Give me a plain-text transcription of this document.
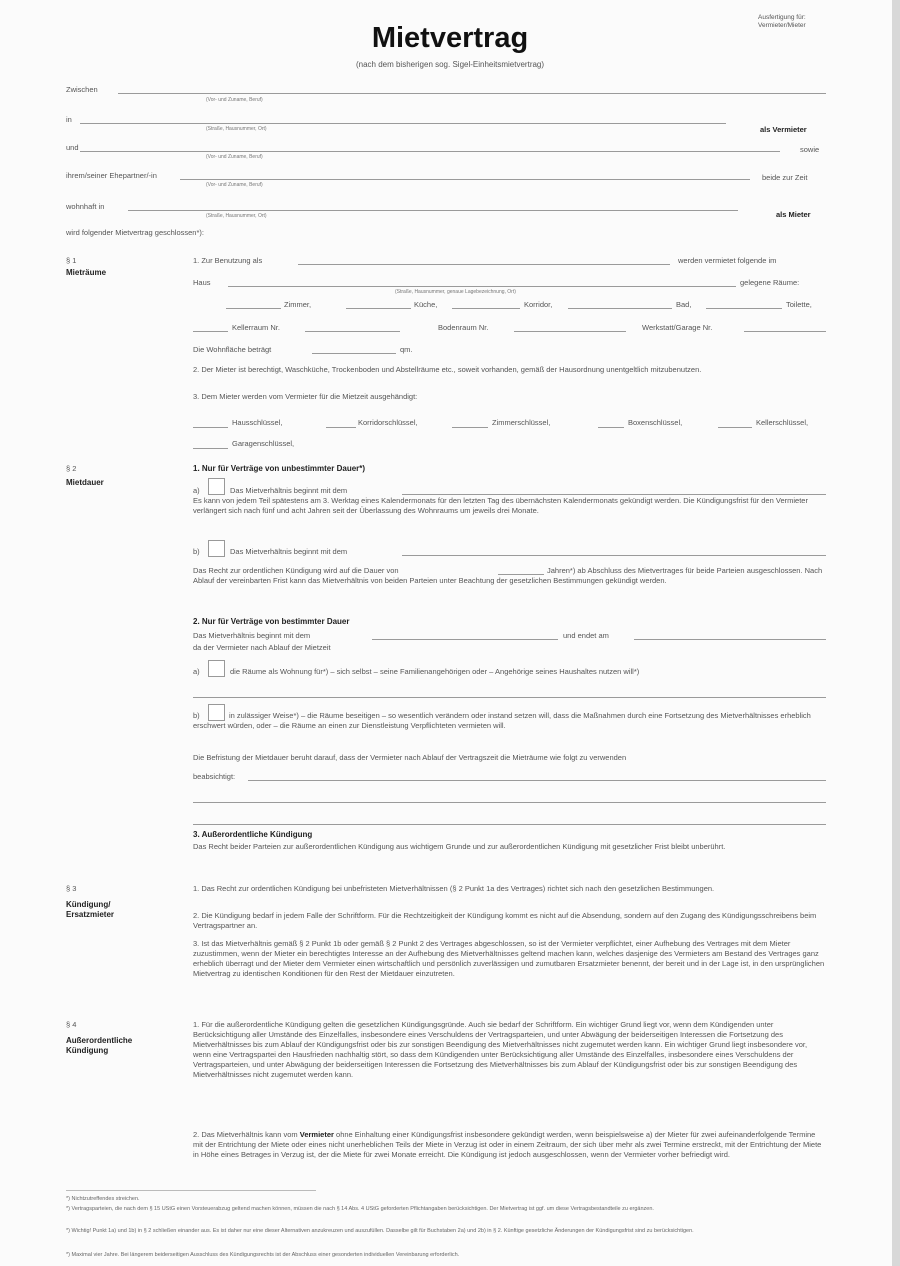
Mietvertrag
(nach dem bisherigen sog. Sigel-Einheitsmietvertrag)
Ausfertigung für: Vermieter/Mieter
Zwischen
(Vor- und Zuname, Beruf)
in
(Straße, Hausnummer, Ort)	als Vermieter
und
(Vor- und Zuname, Beruf)
sowie
ihrem/seiner Ehepartner/-in
(Vor- und Zuname, Beruf)
beide zur Zeit
wohnhaft in
(Straße, Hausnummer, Ort)	als Mieter
wird folgender Mietvertrag geschlossen*):
§ 1
Mieträume
1. Zur Benutzung als	werden vermietet folgende im
Haus
(Straße, Hausnummer, genaue Lagebezeichnung, Ort)
gelegene Räume:
Zimmer,	Küche,	Korridor,	Bad,	Toilette,
Kellerraum Nr.	Bodenraum Nr.	Werkstatt/Garage Nr.
Die Wohnfläche beträgt	qm.
2. Der Mieter ist berechtigt, Waschküche, Trockenboden und Abstellräume etc., soweit vorhanden, gemäß der Hausordnung unentgeltlich mitzubenutzen.
3. Dem Mieter werden vom Vermieter für die Mietzeit ausgehändigt:
Hausschlüssel,	Korridorschlüssel,	Zimmerschlüssel,	Boxenschlüssel,	Kellerschlüssel,
Garagenschlüssel,
§ 2
Mietdauer
1. Nur für Verträge von unbestimmter Dauer*)
a)	Das Mietverhältnis beginnt mit dem
Es kann von jedem Teil spätestens am 3. Werktag eines Kalendermonats für den letzten Tag des übernächsten Kalendermonats gekündigt werden. Die Kündigungsfrist für den Vermieter verlängert sich nach fünf und acht Jahren seit der Überlassung des Wohnraums um jeweils drei Monate.
b)	Das Mietverhältnis beginnt mit dem
Das Recht zur ordentlichen Kündigung wird auf die Dauer von	Jahren*) ab Abschluss des Mietvertrages für beide Parteien ausgeschlossen. Nach Ablauf der vereinbarten Frist kann das Mietverhältnis von beiden Parteien unter Beachtung der gesetzlichen Bestimmungen gekündigt werden.
2. Nur für Verträge von bestimmter Dauer
Das Mietverhältnis beginnt mit dem	und endet am
da der Vermieter nach Ablauf der Mietzeit
a)	die Räume als Wohnung für*) – sich selbst – seine Familienangehörigen oder – Angehörige seines Haushaltes nutzen will*)
b)	in zulässiger Weise*) – die Räume beseitigen – so wesentlich verändern oder instand setzen will, dass die Maßnahmen durch eine Fortsetzung des Mietverhältnisses erheblich erschwert würden, oder – die Räume an einen zur Dienstleistung Verpflichteten vermieten will.
Die Befristung der Mietdauer beruht darauf, dass der Vermieter nach Ablauf der Vertragszeit die Mieträume wie folgt zu verwenden
beabsichtigt:
3. Außerordentliche Kündigung
Das Recht beider Parteien zur außerordentlichen Kündigung aus wichtigem Grunde und zur außerordentlichen Kündigung mit gesetzlicher Frist bleibt unberührt.
§ 3
Kündigung/
Ersatzmieter
1. Das Recht zur ordentlichen Kündigung bei unbefristeten Mietverhältnissen (§ 2 Punkt 1a des Vertrages) richtet sich nach den gesetzlichen Bestimmungen.
2. Die Kündigung bedarf in jedem Falle der Schriftform. Für die Rechtzeitigkeit der Kündigung kommt es nicht auf die Absendung, sondern auf den Zugang des Kündigungsschreibens beim Vertragspartner an.
3. Ist das Mietverhältnis gemäß § 2 Punkt 1b oder gemäß § 2 Punkt 2 des Vertrages abgeschlossen, so ist der Vermieter verpflichtet, einer Aufhebung des Vertrages mit dem Mieter zuzustimmen, wenn der Mieter ein berechtigtes Interesse an der Aufhebung des Mietverhältnisses geltend machen kann, welches dasjenige des Vermieters am Bestand des Vertrages ganz erheblich überragt und der Mieter dem Vermieter einen wirtschaftlich und persönlich zuverlässigen und zumutbaren Ersatzmieter benennt, der bereit und in der Lage ist, in den ursprünglichen Mietvertrag zu identischen Konditionen für den Rest der Mietdauer einzutreten.
§ 4
Außerordentliche
Kündigung
1. Für die außerordentliche Kündigung gelten die gesetzlichen Kündigungsgründe. Auch sie bedarf der Schriftform. Ein wichtiger Grund liegt vor, wenn dem Kündigenden unter Berücksichtigung aller Umstände des Einzelfalles, insbesondere eines Verschuldens der Vertragsparteien, und unter Abwägung der beiderseitigen Interessen die Fortsetzung des Mietverhältnisses bis zum Ablauf der Kündigungsfrist oder bis zur sonstigen Beendigung des Mietverhältnisses nicht zugemutet werden kann. Ein wichtiger Grund liegt insbesondere vor, wenn eine Vertragspartei den Hausfrieden nachhaltig stört, so dass dem Kündigenden unter Berücksichtigung aller Umstände des Einzelfalles, insbesondere eines Verschuldens der Vertragsparteien, und unter Abwägung der beiderseitigen Interessen die Fortsetzung des Mietverhältnisses bis zum Ablauf der Kündigungsfrist oder bis zur sonstigen Beendigung des Mietverhältnisses nicht zugemutet werden kann.
2. Das Mietverhältnis kann vom Vermieter ohne Einhaltung einer Kündigungsfrist insbesondere gekündigt werden, wenn beispielsweise a) der Mieter für zwei aufeinanderfolgende Termine mit der Entrichtung der Miete oder eines nicht unerheblichen Teils der Miete in Verzug ist oder in einem Zeitraum, der sich über mehr als zwei Termine erstreckt, mit der Entrichtung der Miete in Höhe eines Betrages in Verzug ist, der die Miete für zwei Monate erreicht. Die Kündigung ist jedoch ausgeschlossen, wenn der Vermieter vorher befriedigt wird.
*) Nichtzutreffendes streichen.
*) Vertragsparteien, die nach dem § 15 UStG einen Vorsteuerabzug geltend machen können, müssen die nach § 14 Abs. 4 UStG geforderten Pflichtangaben berücksichtigen. Der Mietvertrag ist ggf. um diese Vertragsbestandteile zu ergänzen.
*) Wichtig! Punkt 1a) und 1b) in § 2 schließen einander aus. Es ist daher nur eine dieser Alternativen anzukreuzen und auszufüllen. Dasselbe gilt für Buchstaben 2a) und 2b) in § 2. Künftige gesetzliche Änderungen der Kündigungsfrist sind zu berücksichtigen.
*) Maximal vier Jahre. Bei längerem beiderseitigen Ausschluss des Kündigungsrechts ist der Abschluss einer gesonderten individuellen Vereinbarung erforderlich.
